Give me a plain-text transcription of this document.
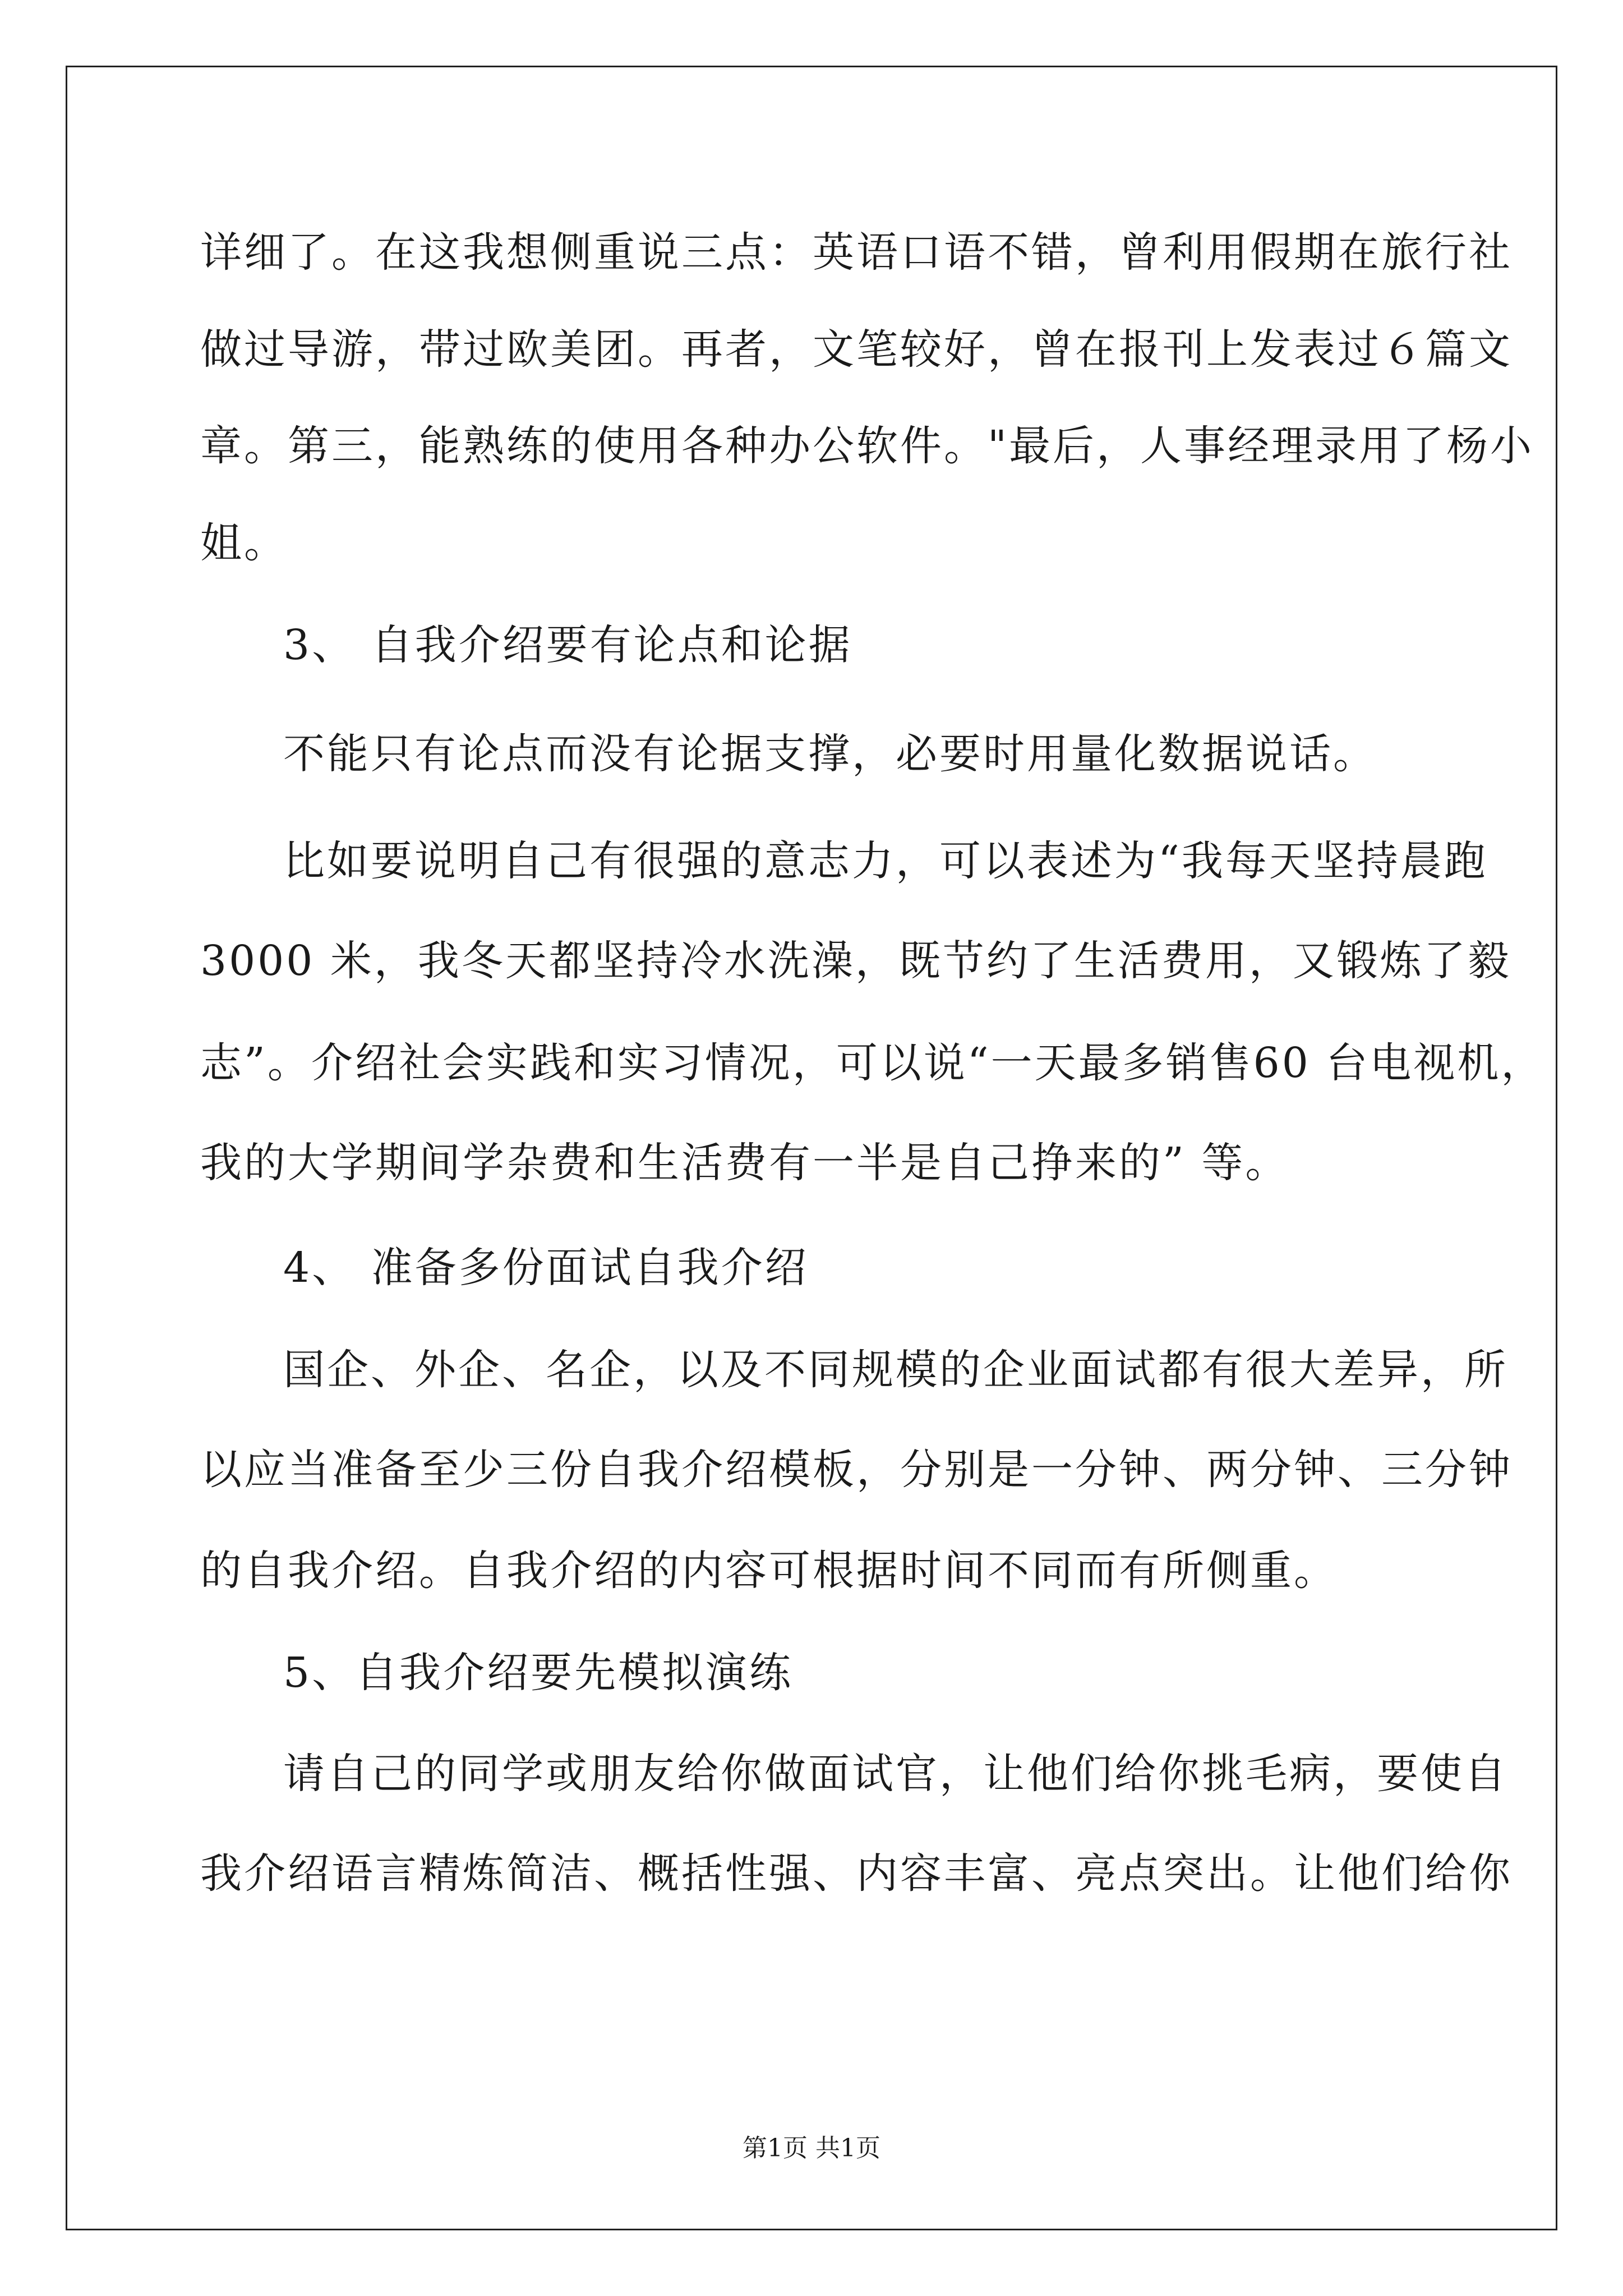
详细了。在这我想侧重说三点：英语口语不错，曾利用假期在旅行社
做过导游，带过欧美团。再者，文笔较好，曾在报刊上发表过６篇文
章。第三，能熟练的使用各种办公软件。"最后，人事经理录用了杨小
姐。
3、 自我介绍要有论点和论据
不能只有论点而没有论据支撑，必要时用量化数据说话。
比如要说明自己有很强的意志力，可以表述为“我每天坚持晨跑
3000 米，我冬天都坚持冷水洗澡，既节约了生活费用，又锻炼了毅
志”。介绍社会实践和实习情况，可以说“一天最多销售60 台电视机，
我的大学期间学杂费和生活费有一半是自己挣来的” 等。
4、 准备多份面试自我介绍
国企、外企、名企，以及不同规模的企业面试都有很大差异，所
以应当准备至少三份自我介绍模板，分别是一分钟、两分钟、三分钟
的自我介绍。自我介绍的内容可根据时间不同而有所侧重。
5、自我介绍要先模拟演练
请自己的同学或朋友给你做面试官，让他们给你挑毛病，要使自
我介绍语言精炼简洁、概括性强、内容丰富、亮点突出。让他们给你
第1页 共1页
